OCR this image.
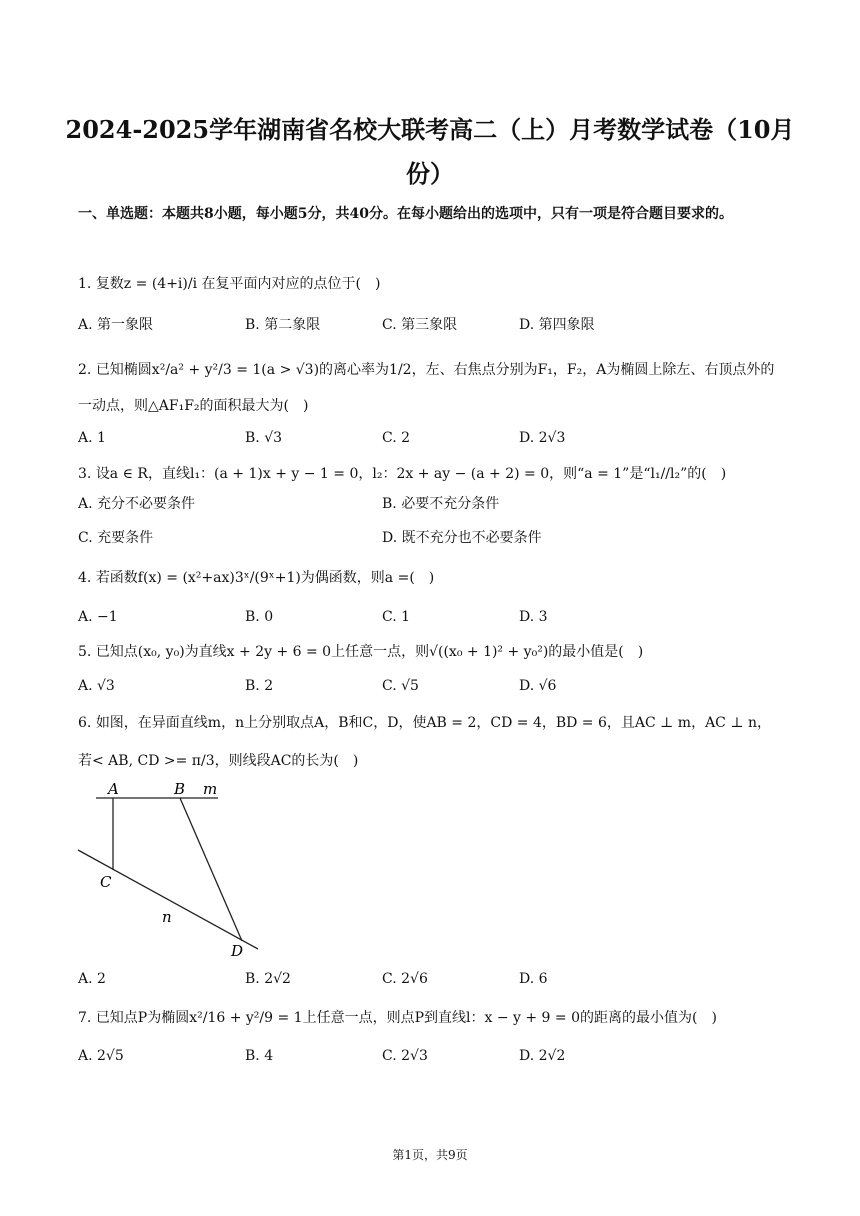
2024-2025学年湖南省名校大联考高二（上）月考数学试卷（10月份）
一、单选题：本题共8小题，每小题5分，共40分。在每小题给出的选项中，只有一项是符合题目要求的。
1. 复数z = (4+i)/i 在复平面内对应的点位于(　)
A. 第一象限	B. 第二象限	C. 第三象限	D. 第四象限
2. 已知椭圆x²/a² + y²/3 = 1(a > √3)的离心率为1/2，左、右焦点分别为F₁，F₂，A为椭圆上除左、右顶点外的一动点，则△AF₁F₂的面积最大为(　)
A. 1	B. √3	C. 2	D. 2√3
3. 设a ∈ R，直线l₁：(a + 1)x + y − 1 = 0，l₂：2x + ay − (a + 2) = 0，则“a = 1”是“l₁//l₂”的(　)
A. 充分不必要条件	B. 必要不充分条件
C. 充要条件	D. 既不充分也不必要条件
4. 若函数f(x) = (x²+ax)3ˣ/(9ˣ+1)为偶函数，则a =(　)
A. −1	B. 0	C. 1	D. 3
5. 已知点(x₀, y₀)为直线x + 2y + 6 = 0上任意一点，则√((x₀ + 1)² + y₀²)的最小值是(　)
A. √3	B. 2	C. √5	D. √6
6. 如图，在异面直线m，n上分别取点A，B和C，D，使AB = 2，CD = 4，BD = 6，且AC ⊥ m，AC ⊥ n，若< AB, CD >= π/3，则线段AC的长为(　)
A	B m
C
n
D
A. 2	B. 2√2	C. 2√6	D. 6
7. 已知点P为椭圆x²/16 + y²/9 = 1上任意一点，则点P到直线l：x − y + 9 = 0的距离的最小值为(　)
A. 2√5	B. 4	C. 2√3	D. 2√2
第1页，共9页
